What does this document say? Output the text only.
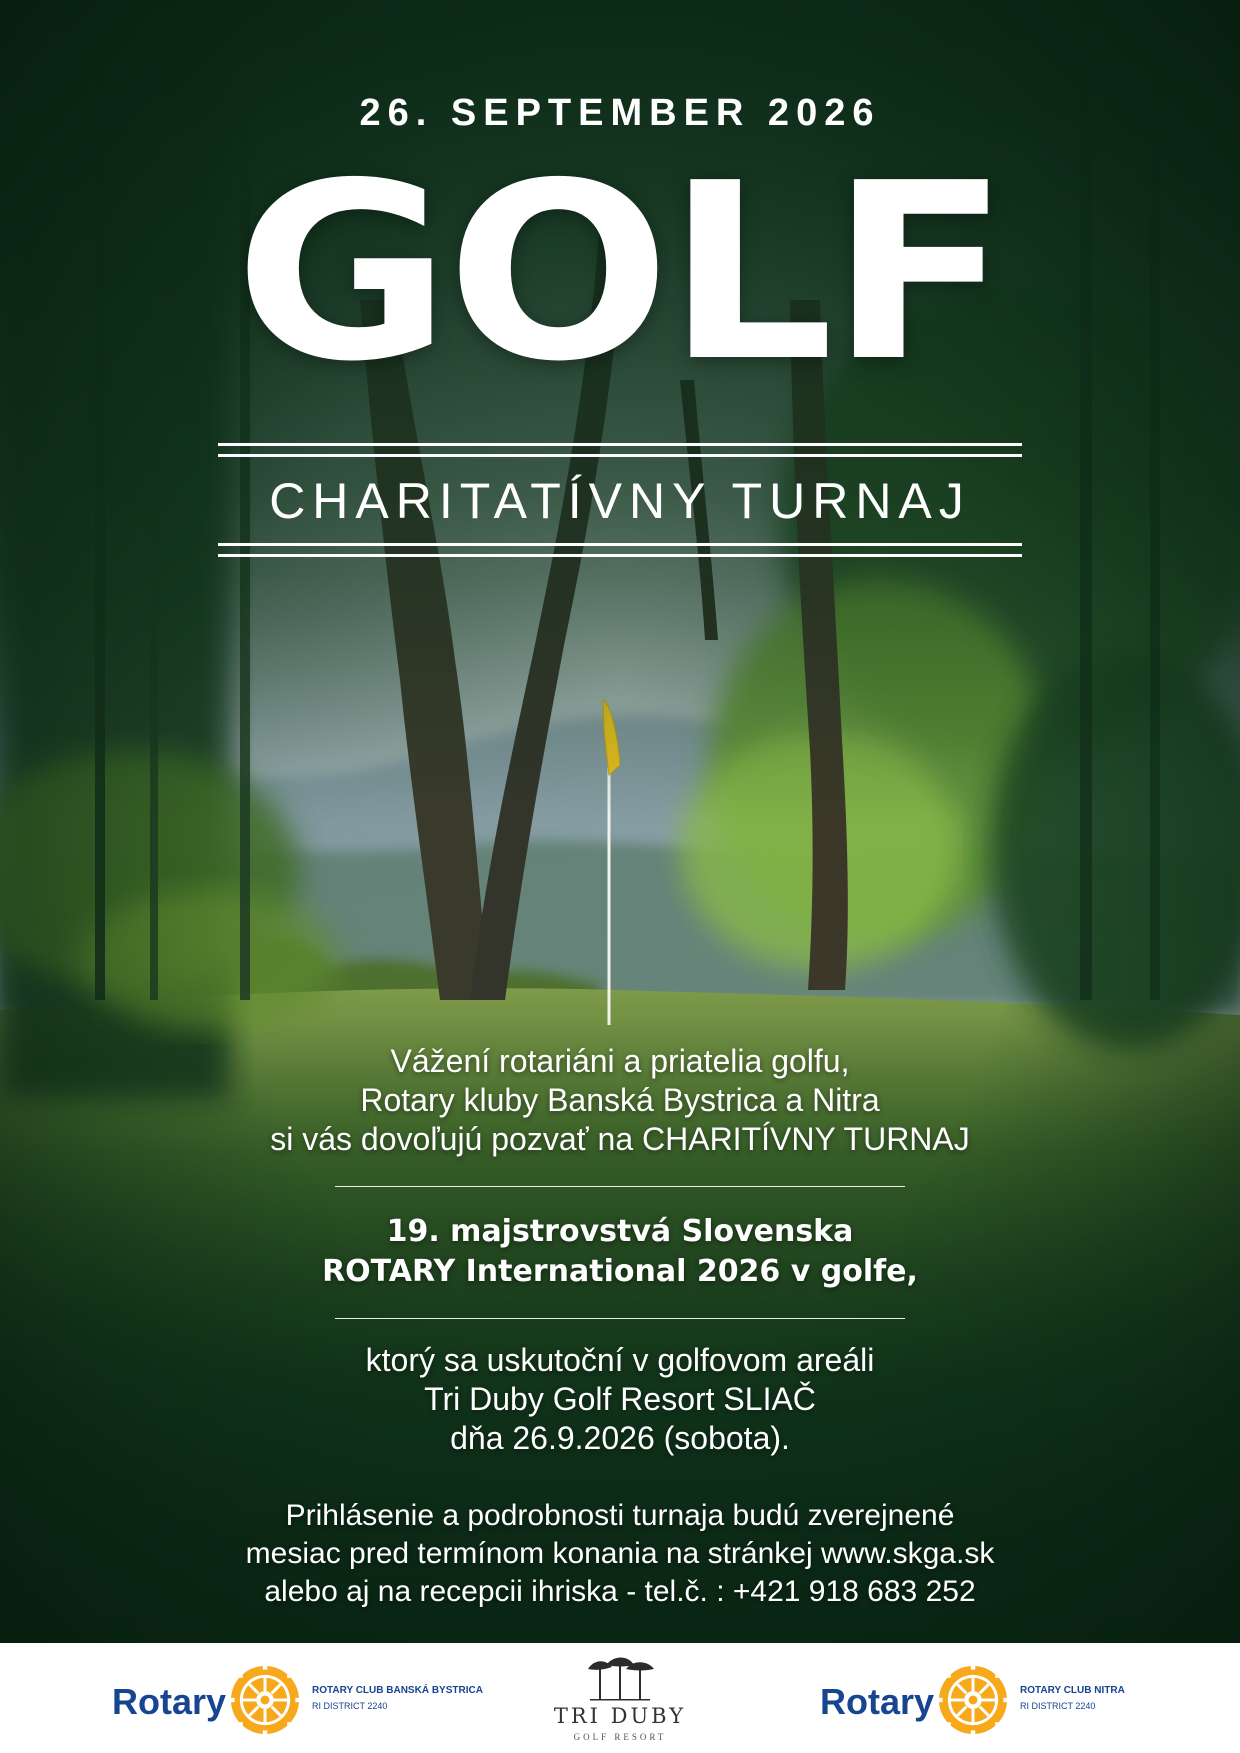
26. SEPTEMBER 2026
GOLF
CHARITATÍVNY TURNAJ
Vážení rotariáni a priatelia golfu,
Rotary kluby Banská Bystrica a Nitra
si vás dovoľujú pozvať na CHARITÍVNY TURNAJ
19. majstrovstvá Slovenska
ROTARY International 2026 v golfe,
ktorý sa uskutoční v golfovom areáli
Tri Duby Golf Resort SLIAČ
dňa 26.9.2026 (sobota).
Prihlásenie a podrobnosti turnaja budú zverejnené
mesiac pred termínom konania na stránkej www.skga.sk
alebo aj na recepcii ihriska - tel.č. : +421 918 683 252
Rotary	ROTARY CLUB BANSKÁ BYSTRICA
RI DISTRICT 2240	TRI DUBY
GOLF RESORT
Rotary	ROTARY CLUB NITRA
RI DISTRICT 2240
